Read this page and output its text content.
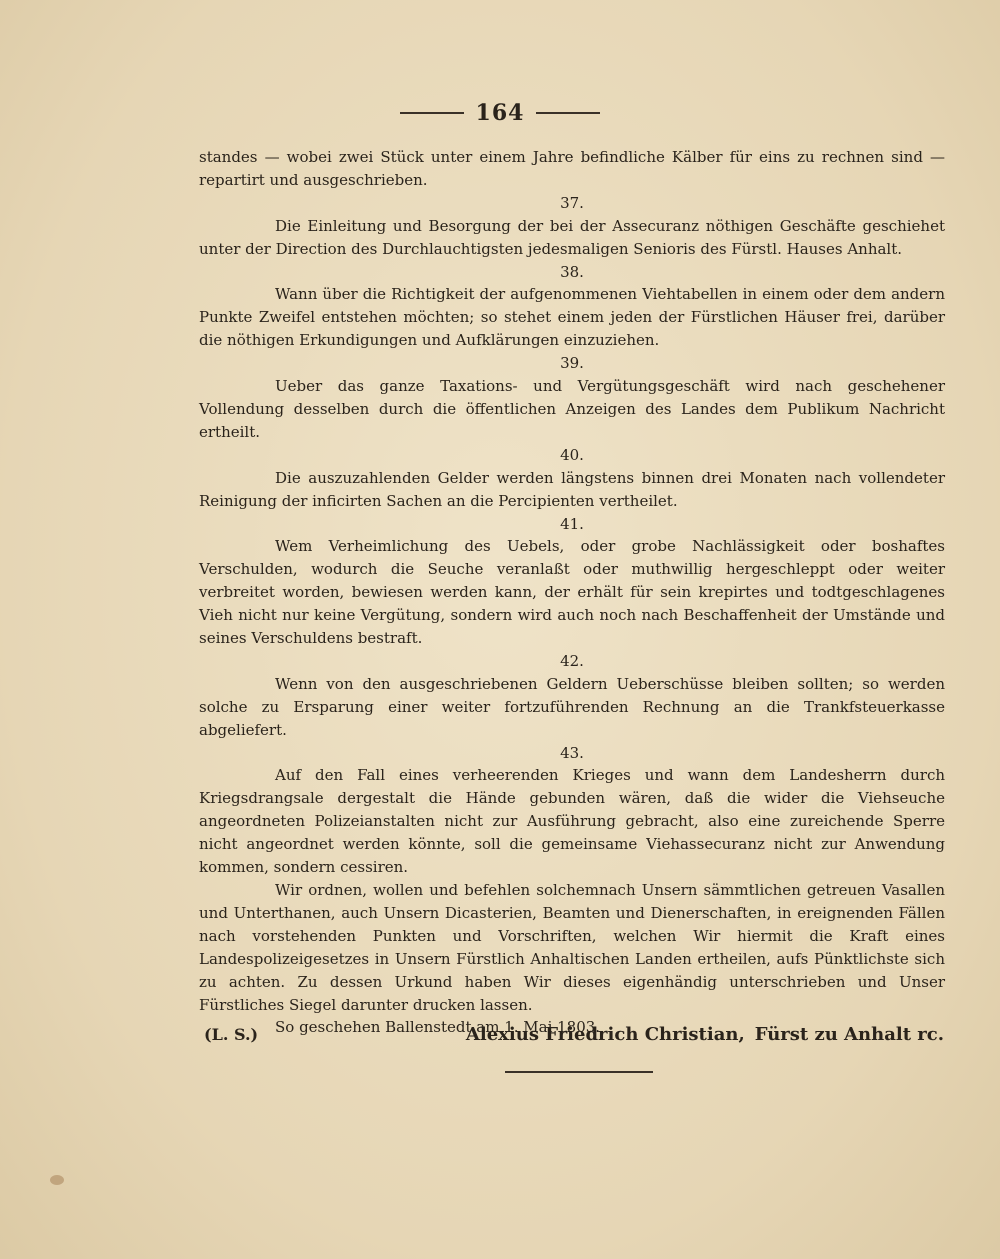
164

standes — wobei zwei Stück unter einem Jahre befindliche Kälber für eins zu rechnen sind — repartirt und ausgeschrieben.

37.

Die Einleitung und Besorgung der bei der Assecuranz nöthigen Geschäfte geschiehet unter der Direction des Durchlauchtigsten jedesmaligen Senioris des Fürstl. Hauses Anhalt.

38.

Wann über die Richtigkeit der aufgenommenen Viehtabellen in einem oder dem andern Punkte Zweifel entstehen möchten; so stehet einem jeden der Fürstlichen Häuser frei, darüber die nöthigen Erkundigungen und Aufklärungen einzuziehen.

39.

Ueber das ganze Taxations- und Vergütungsgeschäft wird nach geschehener Vollendung desselben durch die öffentlichen Anzeigen des Landes dem Publikum Nachricht ertheilt.

40.

Die auszuzahlenden Gelder werden längstens binnen drei Monaten nach vollendeter Reinigung der inficirten Sachen an die Percipienten vertheilet.

41.

Wem Verheimlichung des Uebels, oder grobe Nachlässigkeit oder boshaftes Verschulden, wodurch die Seuche veranlaßt oder muthwillig hergeschleppt oder weiter verbreitet worden, bewiesen werden kann, der erhält für sein krepirtes und todtgeschlagenes Vieh nicht nur keine Vergütung, sondern wird auch noch nach Beschaffenheit der Umstände und seines Verschuldens bestraft.

42.

Wenn von den ausgeschriebenen Geldern Ueberschüsse bleiben sollten; so werden solche zu Ersparung einer weiter fortzuführenden Rechnung an die Trankfsteuerkasse abgeliefert.

43.

Auf den Fall eines verheerenden Krieges und wann dem Landesherrn durch Kriegsdrangsale dergestalt die Hände gebunden wären, daß die wider die Viehseuche angeordneten Polizeianstalten nicht zur Ausführung gebracht, also eine zureichende Sperre nicht angeordnet werden könnte, soll die gemeinsame Viehassecuranz nicht zur Anwendung kommen, sondern cessiren.

Wir ordnen, wollen und befehlen solchemnach Unsern sämmtlichen getreuen Vasallen und Unterthanen, auch Unsern Dicasterien, Beamten und Dienerschaften, in ereignenden Fällen nach vorstehenden Punkten und Vorschriften, welchen Wir hiermit die Kraft eines Landespolizeigesetzes in Unsern Fürstlich Anhaltischen Landen ertheilen, aufs Pünktlichste sich zu achten. Zu dessen Urkund haben Wir dieses eigenhändig unterschrieben und Unser Fürstliches Siegel darunter drucken lassen.

So geschehen Ballenstedt am 1. Mai 1803.

(L. S.)	Alexius Friedrich Christian, Fürst zu Anhalt rc.
